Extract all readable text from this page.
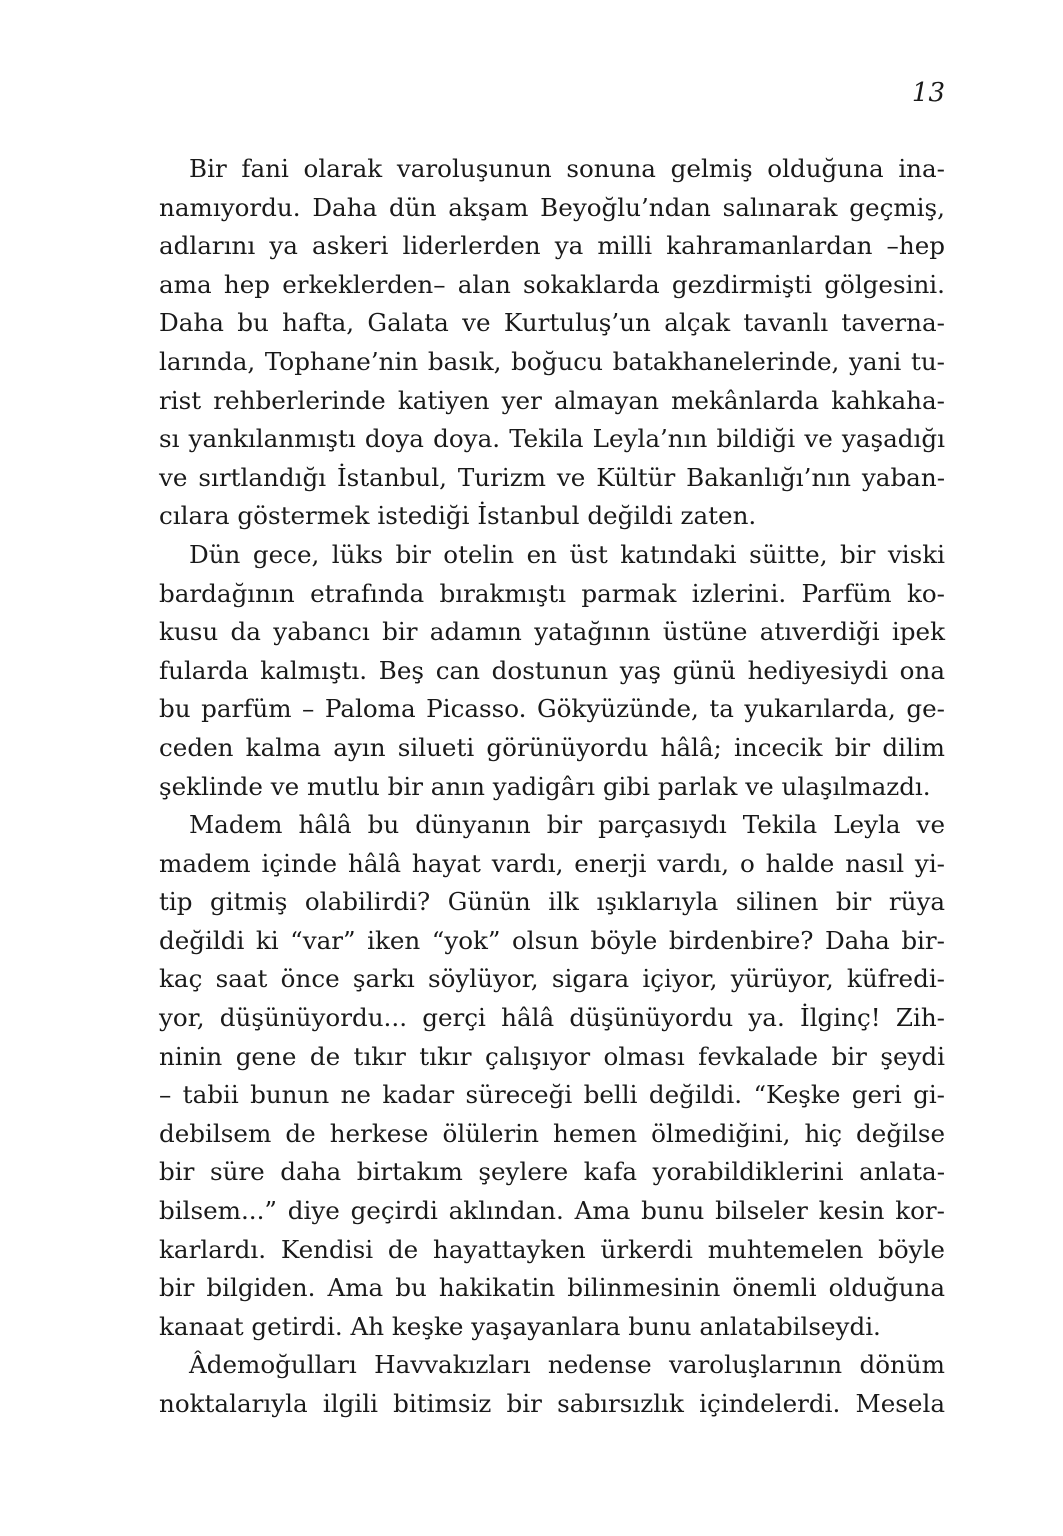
13
Bir fani olarak varoluşunun sonuna gelmiş olduğuna ina-
namıyordu. Daha dün akşam Beyoğlu’ndan salınarak geçmiş,
adlarını ya askeri liderlerden ya milli kahramanlardan –hep
ama hep erkeklerden– alan sokaklarda gezdirmişti gölgesini.
Daha bu hafta, Galata ve Kurtuluş’un alçak tavanlı taverna-
larında, Tophane’nin basık, boğucu batakhanelerinde, yani tu-
rist rehberlerinde katiyen yer almayan mekânlarda kahkaha-
sı yankılanmıştı doya doya. Tekila Leyla’nın bildiği ve yaşadığı
ve sırtlandığı İstanbul, Turizm ve Kültür Bakanlığı’nın yaban-
cılara göstermek istediği İstanbul değildi zaten.
Dün gece, lüks bir otelin en üst katındaki süitte, bir viski
bardağının etrafında bırakmıştı parmak izlerini. Parfüm ko-
kusu da yabancı bir adamın yatağının üstüne atıverdiği ipek
fularda kalmıştı. Beş can dostunun yaş günü hediyesiydi ona
bu parfüm – Paloma Picasso. Gökyüzünde, ta yukarılarda, ge-
ceden kalma ayın silueti görünüyordu hâlâ; incecik bir dilim
şeklinde ve mutlu bir anın yadigârı gibi parlak ve ulaşılmazdı.
Madem hâlâ bu dünyanın bir parçasıydı Tekila Leyla ve
madem içinde hâlâ hayat vardı, enerji vardı, o halde nasıl yi-
tip gitmiş olabilirdi? Günün ilk ışıklarıyla silinen bir rüya
değildi ki “var” iken “yok” olsun böyle birdenbire? Daha bir-
kaç saat önce şarkı söylüyor, sigara içiyor, yürüyor, küfredi-
yor, düşünüyordu... gerçi hâlâ düşünüyordu ya. İlginç! Zih-
ninin gene de tıkır tıkır çalışıyor olması fevkalade bir şeydi
– tabii bunun ne kadar süreceği belli değildi. “Keşke geri gi-
debilsem de herkese ölülerin hemen ölmediğini, hiç değilse
bir süre daha birtakım şeylere kafa yorabildiklerini anlata-
bilsem...” diye geçirdi aklından. Ama bunu bilseler kesin kor-
karlardı. Kendisi de hayattayken ürkerdi muhtemelen böyle
bir bilgiden. Ama bu hakikatin bilinmesinin önemli olduğuna
kanaat getirdi. Ah keşke yaşayanlara bunu anlatabilseydi.
Âdemoğulları Havvakızları nedense varoluşlarının dönüm
noktalarıyla ilgili bitimsiz bir sabırsızlık içindelerdi. Mesela
